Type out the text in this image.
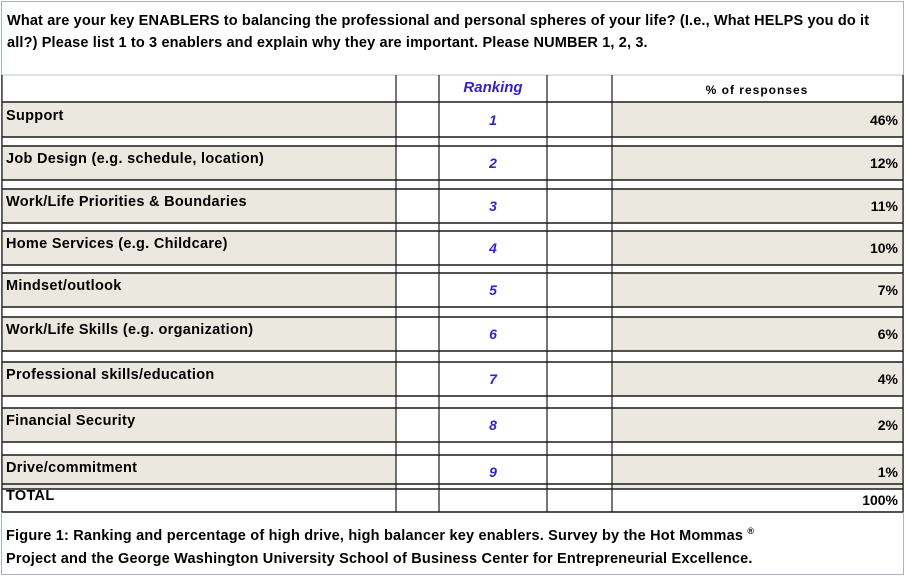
What are your key ENABLERS to balancing the professional and personal spheres of your life? (I.e., What HELPS you do it all?) Please list 1 to 3 enablers and explain why they are important. Please NUMBER 1, 2, 3.
Ranking	% of responses
Support	1	46%
Job Design (e.g. schedule, location)	2	12%
Work/Life Priorities & Boundaries	3	11%
Home Services (e.g. Childcare)	4	10%
Mindset/outlook	5	7%
Work/Life Skills (e.g. organization)	6	6%
Professional skills/education	7	4%
Financial Security	8	2%
Drive/commitment	9	1%
TOTAL	100%
Figure 1: Ranking and percentage of high drive, high balancer key enablers. Survey by the Hot Mommas ®
Project and the George Washington University School of Business Center for Entrepreneurial Excellence.
